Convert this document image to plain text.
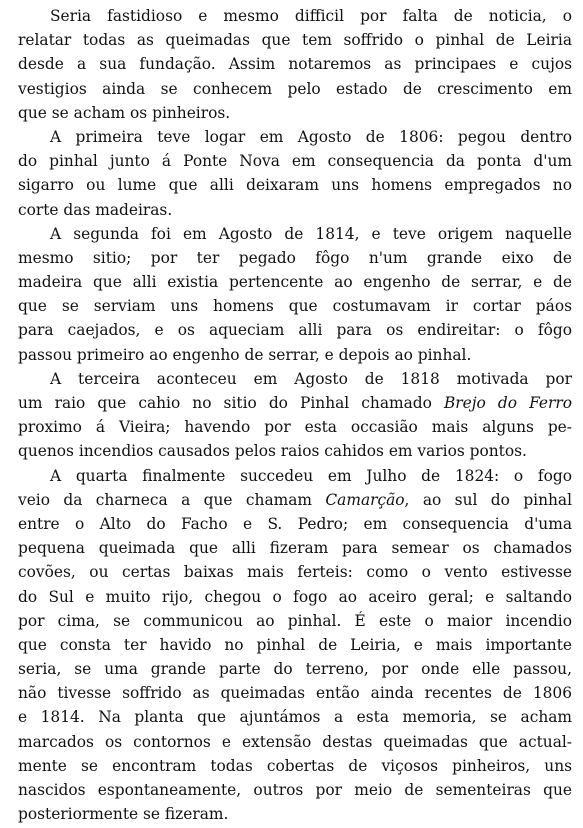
Seria fastidioso e mesmo difficil por falta de noticia, o
relatar todas as queimadas que tem soffrido o pinhal de Leiria
desde a sua fundação. Assim notaremos as principaes e cujos
vestigios ainda se conhecem pelo estado de crescimento em
que se acham os pinheiros.

A primeira teve logar em Agosto de 1806: pegou dentro
do pinhal junto á Ponte Nova em consequencia da ponta d'um
sigarro ou lume que alli deixaram uns homens empregados no
corte das madeiras.

A segunda foi em Agosto de 1814, e teve origem naquelle
mesmo sitio; por ter pegado fôgo n'um grande eixo de
madeira que alli existia pertencente ao engenho de serrar, e de
que se serviam uns homens que costumavam ir cortar páos
para caejados, e os aqueciam alli para os endireitar: o fôgo
passou primeiro ao engenho de serrar, e depois ao pinhal.

A terceira aconteceu em Agosto de 1818 motivada por
um raio que cahio no sitio do Pinhal chamado Brejo do Ferro
proximo á Vieira; havendo por esta occasião mais alguns pe-
quenos incendios causados pelos raios cahidos em varios pontos.

A quarta finalmente succedeu em Julho de 1824: o fogo
veio da charneca a que chamam Camarção, ao sul do pinhal
entre o Alto do Facho e S. Pedro; em consequencia d'uma
pequena queimada que alli fizeram para semear os chamados
covões, ou certas baixas mais ferteis: como o vento estivesse
do Sul e muito rijo, chegou o fogo ao aceiro geral; e saltando
por cima, se communicou ao pinhal. É este o maior incendio
que consta ter havido no pinhal de Leiria, e mais importante
seria, se uma grande parte do terreno, por onde elle passou,
não tivesse soffrido as queimadas então ainda recentes de 1806
e 1814. Na planta que ajuntámos a esta memoria, se acham
marcados os contornos e extensão destas queimadas que actual-
mente se encontram todas cobertas de viçosos pinheiros, uns
nascidos espontaneamente, outros por meio de sementeiras que
posteriormente se fizeram.
